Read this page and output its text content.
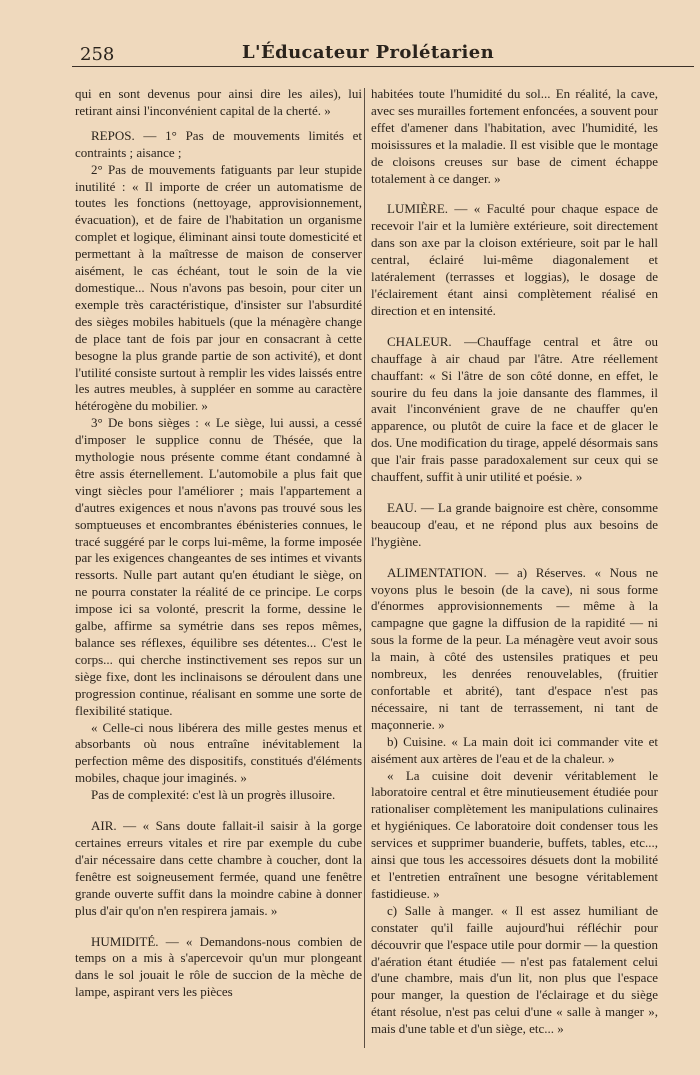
258	L'Éducateur Prolétarien

qui en sont devenus pour ainsi dire les ailes), lui retirant ainsi l'inconvénient capital de la cherté. »

REPOS. — 1° Pas de mouvements limités et contraints ; aisance ;

2° Pas de mouvements fatiguants par leur stupide inutilité : « Il importe de créer un automatisme de toutes les fonctions (nettoyage, approvisionnement, évacuation), et de faire de l'habitation un organisme complet et logique, éliminant ainsi toute domesticité et permettant à la maîtresse de maison de conserver aisément, le cas échéant, tout le soin de la vie domestique... Nous n'avons pas besoin, pour citer un exemple très caractéristique, d'insister sur l'absurdité des sièges mobiles habituels (que la ménagère change de place tant de fois par jour en consacrant à cette besogne la plus grande partie de son activité), et dont l'utilité consiste surtout à remplir les vides laissés entre les autres meubles, à suppléer en somme au caractère hétérogène du mobilier. »

3° De bons sièges : « Le siège, lui aussi, a cessé d'imposer le supplice connu de Thésée, que la mythologie nous présente comme étant condamné à être assis éternellement. L'automobile a plus fait que vingt siècles pour l'améliorer ; mais l'appartement a d'autres exigences et nous n'avons pas trouvé sous les somptueuses et encombrantes ébénisteries connues, le tracé suggéré par le corps lui-même, la forme imposée par les exigences changeantes de ses intimes et vivants ressorts. Nulle part autant qu'en étudiant le siège, on ne pourra constater la réalité de ce principe. Le corps impose ici sa volonté, prescrit la forme, dessine le galbe, affirme sa symétrie dans ses repos mêmes, balance ses réflexes, équilibre ses détentes... C'est le corps... qui cherche instinctivement ses repos sur un siège fixe, dont les inclinaisons se déroulent dans une progression continue, réalisant en somme une sorte de flexibilité statique.

« Celle-ci nous libérera des mille gestes menus et absorbants où nous entraîne inévitablement la perfection même des dispositifs, constitués d'éléments mobiles, chaque jour imaginés. »

Pas de complexité: c'est là un progrès illusoire.

AIR. — « Sans doute fallait-il saisir à la gorge certaines erreurs vitales et rire par exemple du cube d'air nécessaire dans cette chambre à coucher, dont la fenêtre est soigneusement fermée, quand une fenêtre grande ouverte suffit dans la moindre cabine à donner plus d'air qu'on n'en respirera jamais. »

HUMIDITÉ. — « Demandons-nous combien de temps on a mis à s'apercevoir qu'un mur plongeant dans le sol jouait le rôle de succion de la mèche de lampe, aspirant vers les pièces

habitées toute l'humidité du sol... En réalité, la cave, avec ses murailles fortement enfoncées, a souvent pour effet d'amener dans l'habitation, avec l'humidité, les moisissures et la maladie. Il est visible que le montage de cloisons creuses sur base de ciment échappe totalement à ce danger. »

LUMIÈRE. — « Faculté pour chaque espace de recevoir l'air et la lumière extérieure, soit directement dans son axe par la cloison extérieure, soit par le hall central, éclairé lui-même diagonalement et latéralement (terrasses et loggias), le dosage de l'éclairement étant ainsi complètement réalisé en direction et en intensité.

CHALEUR. —Chauffage central et âtre ou chauffage à air chaud par l'âtre. Atre réellement chauffant: « Si l'âtre de son côté donne, en effet, le sourire du feu dans la joie dansante des flammes, il avait l'inconvénient grave de ne chauffer qu'en apparence, ou plutôt de cuire la face et de glacer le dos. Une modification du tirage, appelé désormais sans que l'air frais passe paradoxalement sur ceux qui se chauffent, suffit à unir utilité et poésie. »

EAU. — La grande baignoire est chère, consomme beaucoup d'eau, et ne répond plus aux besoins de l'hygiène.

ALIMENTATION. — a) Réserves. « Nous ne voyons plus le besoin (de la cave), ni sous forme d'énormes approvisionnements — même à la campagne que gagne la diffusion de la rapidité — ni sous la forme de la peur. La ménagère veut avoir sous la main, à côté des ustensiles pratiques et peu nombreux, les denrées renouvelables, (fruitier confortable et abrité), tant d'espace n'est pas nécessaire, ni tant de terrassement, ni tant de maçonnerie. »

b) Cuisine. « La main doit ici commander vite et aisément aux artères de l'eau et de la chaleur. »

« La cuisine doit devenir véritablement le laboratoire central et être minutieusement étudiée pour rationaliser complètement les manipulations culinaires et hygiéniques. Ce laboratoire doit condenser tous les services et supprimer buanderie, buffets, tables, etc..., ainsi que tous les accessoires désuets dont la mobilité et l'entretien entraînent une besogne véritablement fastidieuse. »

c) Salle à manger. « Il est assez humiliant de constater qu'il faille aujourd'hui réfléchir pour découvrir que l'espace utile pour dormir — la question d'aération étant étudiée — n'est pas fatalement celui d'une chambre, mais d'un lit, non plus que l'espace pour manger, la question de l'éclairage et du siège étant résolue, n'est pas celui d'une « salle à manger », mais d'une table et d'un siège, etc... »
